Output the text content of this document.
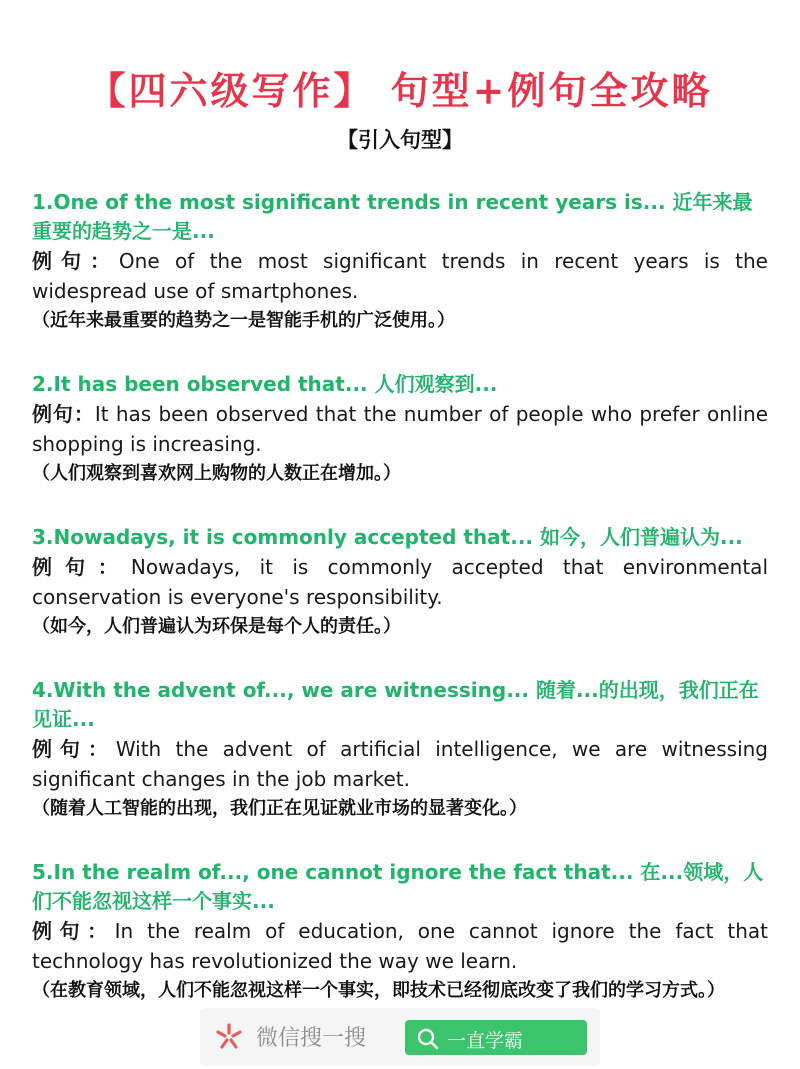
【四六级写作】 句型+例句全攻略
【引入句型】
1.One of the most significant trends in recent years is... 近年来最重要的趋势之一是...
例句：One of the most significant trends in recent years is the widespread use of smartphones.
（近年来最重要的趋势之一是智能手机的广泛使用。）
2.It has been observed that... 人们观察到...
例句：It has been observed that the number of people who prefer online shopping is increasing.
（人们观察到喜欢网上购物的人数正在增加。）
3.Nowadays, it is commonly accepted that... 如今，人们普遍认为...
例句：Nowadays, it is commonly accepted that environmental conservation is everyone's responsibility.
（如今，人们普遍认为环保是每个人的责任。）
4.With the advent of..., we are witnessing... 随着...的出现，我们正在见证...
例句：With the advent of artificial intelligence, we are witnessing significant changes in the job market.
（随着人工智能的出现，我们正在见证就业市场的显著变化。）
5.In the realm of..., one cannot ignore the fact that... 在...领域，人们不能忽视这样一个事实...
例句：In the realm of education, one cannot ignore the fact that technology has revolutionized the way we learn.
（在教育领域，人们不能忽视这样一个事实，即技术已经彻底改变了我们的学习方式。）
微信搜一搜	一直学霸
